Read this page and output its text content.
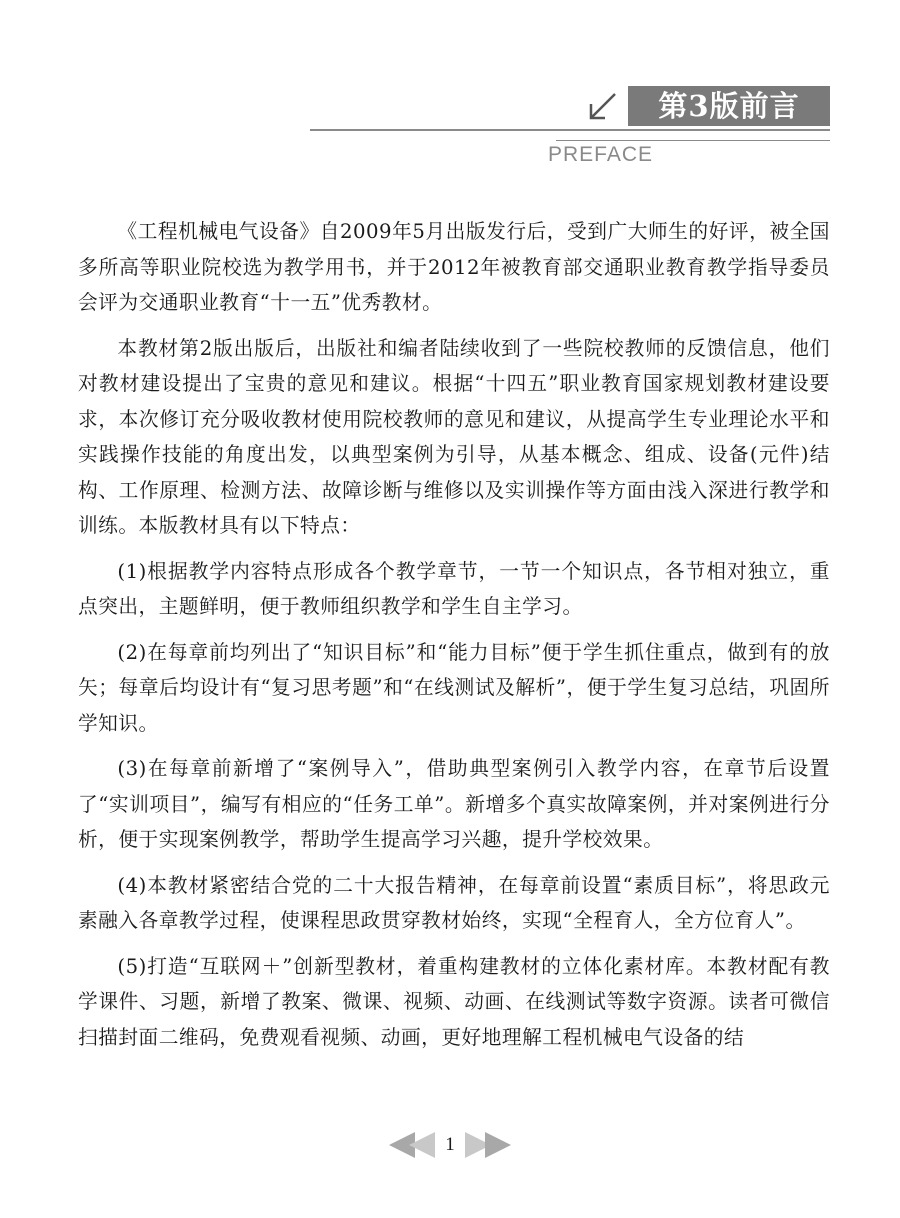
第3版前言
PREFACE

《工程机械电气设备》自2009年5月出版发行后，受到广大师生的好评，被全国多所高等职业院校选为教学用书，并于2012年被教育部交通职业教育教学指导委员会评为交通职业教育“十一五”优秀教材。

本教材第2版出版后，出版社和编者陆续收到了一些院校教师的反馈信息，他们对教材建设提出了宝贵的意见和建议。根据“十四五”职业教育国家规划教材建设要求，本次修订充分吸收教材使用院校教师的意见和建议，从提高学生专业理论水平和实践操作技能的角度出发，以典型案例为引导，从基本概念、组成、设备(元件)结构、工作原理、检测方法、故障诊断与维修以及实训操作等方面由浅入深进行教学和训练。本版教材具有以下特点：

(1)根据教学内容特点形成各个教学章节，一节一个知识点，各节相对独立，重点突出，主题鲜明，便于教师组织教学和学生自主学习。

(2)在每章前均列出了“知识目标”和“能力目标”便于学生抓住重点，做到有的放矢；每章后均设计有“复习思考题”和“在线测试及解析”，便于学生复习总结，巩固所学知识。

(3)在每章前新增了“案例导入”，借助典型案例引入教学内容，在章节后设置了“实训项目”，编写有相应的“任务工单”。新增多个真实故障案例，并对案例进行分析，便于实现案例教学，帮助学生提高学习兴趣，提升学校效果。

(4)本教材紧密结合党的二十大报告精神，在每章前设置“素质目标”，将思政元素融入各章教学过程，使课程思政贯穿教材始终，实现“全程育人，全方位育人”。

(5)打造“互联网＋”创新型教材，着重构建教材的立体化素材库。本教材配有教学课件、习题，新增了教案、微课、视频、动画、在线测试等数字资源。读者可微信扫描封面二维码，免费观看视频、动画，更好地理解工程机械电气设备的结

1
